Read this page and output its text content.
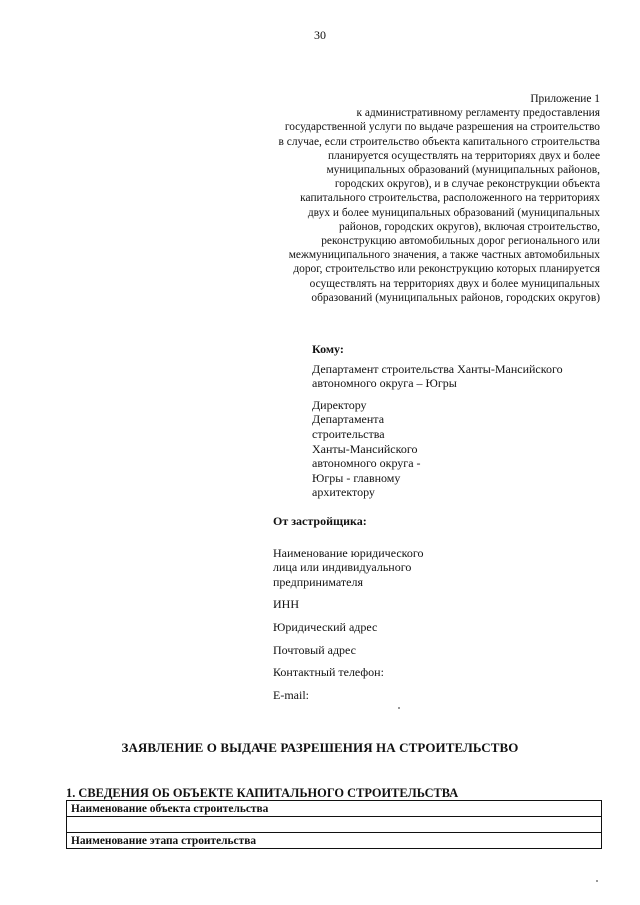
30
Приложение 1
к административному регламенту предоставления
государственной услуги по выдаче разрешения на строительство
в случае, если строительство объекта капитального строительства
планируется осуществлять на территориях двух и более
муниципальных образований (муниципальных районов,
городских округов), и в случае реконструкции объекта
капитального строительства, расположенного на территориях
двух и более муниципальных образований (муниципальных
районов, городских округов), включая строительство,
реконструкцию автомобильных дорог регионального или
межмуниципального значения, а также частных автомобильных
дорог, строительство или реконструкцию которых планируется
осуществлять на территориях двух и более муниципальных
образований (муниципальных районов, городских округов)
Кому:
Департамент строительства Ханты-Мансийского
автономного округа – Югры
Директору
Департамента
строительства
Ханты-Мансийского
автономного округа -
Югры - главному
архитектору
От застройщика:
Наименование юридического
лица или индивидуального
предпринимателя
ИНН
Юридический адрес
Почтовый адрес
Контактный телефон:
E-mail:
ЗАЯВЛЕНИЕ О ВЫДАЧЕ РАЗРЕШЕНИЯ НА СТРОИТЕЛЬСТВО
1. СВЕДЕНИЯ ОБ ОБЪЕКТЕ КАПИТАЛЬНОГО СТРОИТЕЛЬСТВА
Наименование объекта строительства

Наименование этапа строительства
